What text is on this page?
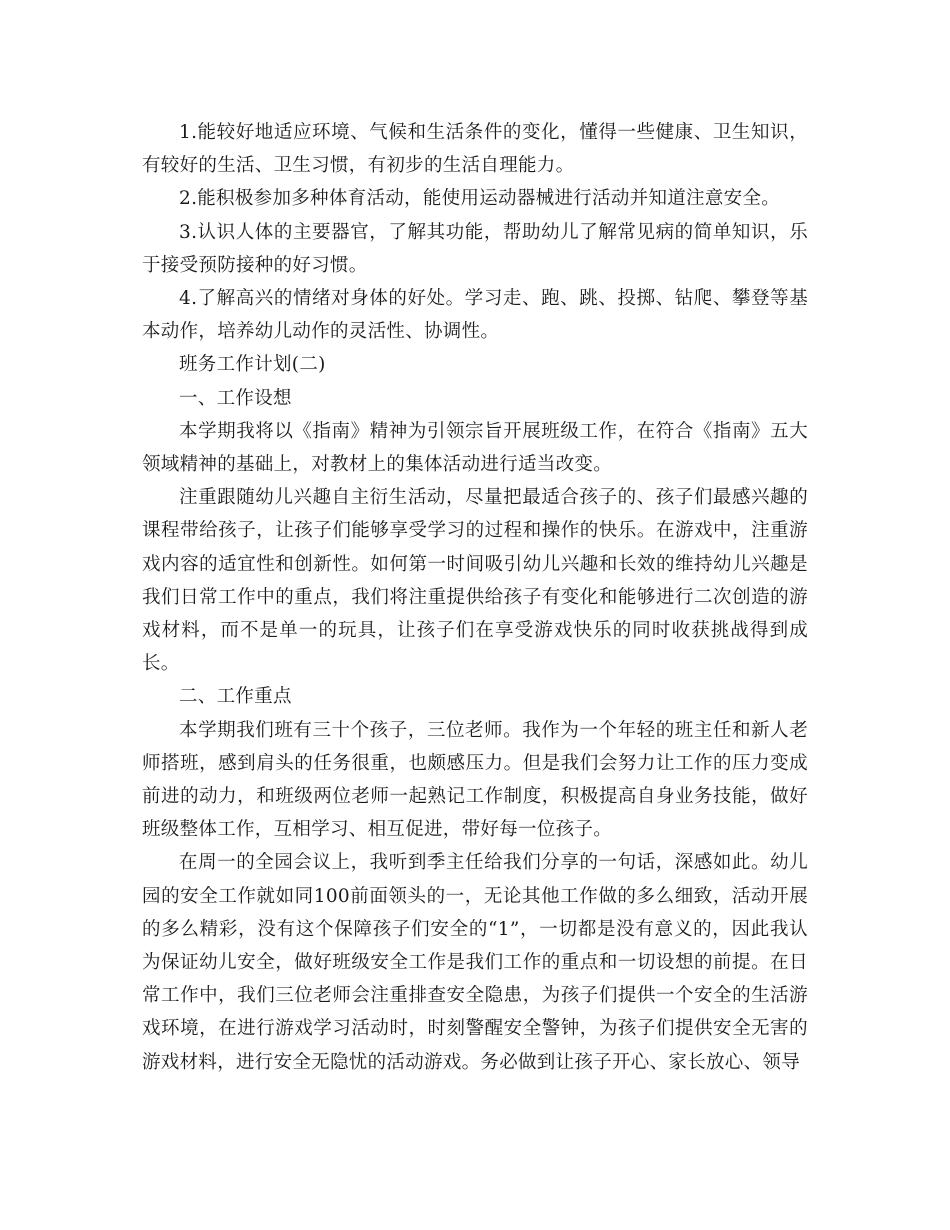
1.能较好地适应环境、气候和生活条件的变化，懂得一些健康、卫生知识，有较好的生活、卫生习惯，有初步的生活自理能力。

2.能积极参加多种体育活动，能使用运动器械进行活动并知道注意安全。

3.认识人体的主要器官，了解其功能，帮助幼儿了解常见病的简单知识，乐于接受预防接种的好习惯。

4.了解高兴的情绪对身体的好处。学习走、跑、跳、投掷、钻爬、攀登等基本动作，培养幼儿动作的灵活性、协调性。

班务工作计划(二)

一、工作设想

本学期我将以《指南》精神为引领宗旨开展班级工作，在符合《指南》五大领域精神的基础上，对教材上的集体活动进行适当改变。

注重跟随幼儿兴趣自主衍生活动，尽量把最适合孩子的、孩子们最感兴趣的课程带给孩子，让孩子们能够享受学习的过程和操作的快乐。在游戏中，注重游戏内容的适宜性和创新性。如何第一时间吸引幼儿兴趣和长效的维持幼儿兴趣是我们日常工作中的重点，我们将注重提供给孩子有变化和能够进行二次创造的游戏材料，而不是单一的玩具，让孩子们在享受游戏快乐的同时收获挑战得到成长。

二、工作重点

本学期我们班有三十个孩子，三位老师。我作为一个年轻的班主任和新人老师搭班，感到肩头的任务很重，也颇感压力。但是我们会努力让工作的压力变成前进的动力，和班级两位老师一起熟记工作制度，积极提高自身业务技能，做好班级整体工作，互相学习、相互促进，带好每一位孩子。

在周一的全园会议上，我听到季主任给我们分享的一句话，深感如此。幼儿园的安全工作就如同100前面领头的一，无论其他工作做的多么细致，活动开展的多么精彩，没有这个保障孩子们安全的“1”，一切都是没有意义的，因此我认为保证幼儿安全，做好班级安全工作是我们工作的重点和一切设想的前提。在日常工作中，我们三位老师会注重排查安全隐患，为孩子们提供一个安全的生活游戏环境，在进行游戏学习活动时，时刻警醒安全警钟，为孩子们提供安全无害的游戏材料，进行安全无隐忧的活动游戏。务必做到让孩子开心、家长放心、领导
